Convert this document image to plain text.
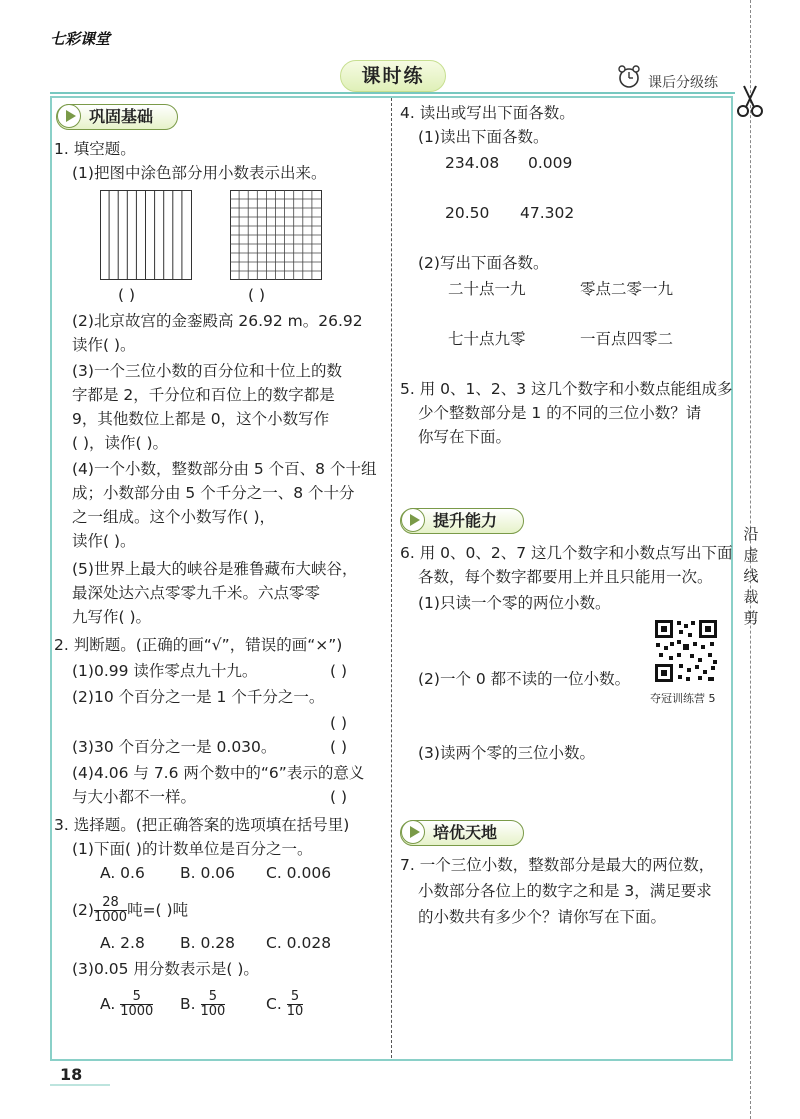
七彩课堂
课时练	课后分级练
沿虚线裁剪
巩固基础
1. 填空题。
(1)把图中涂色部分用小数表示出来。
( )	( )
(2)北京故宫的金銮殿高 26.92 m。26.92
读作( )。
(3)一个三位小数的百分位和十位上的数
字都是 2，千分位和百位上的数字都是
9，其他数位上都是 0，这个小数写作
( )，读作( )。
(4)一个小数，整数部分由 5 个百、8 个十组
成；小数部分由 5 个千分之一、8 个十分
之一组成。这个小数写作( )，
读作( )。
(5)世界上最大的峡谷是雅鲁藏布大峡谷，
最深处达六点零零九千米。六点零零
九写作( )。
2. 判断题。(正确的画“√”，错误的画“×”)
(1)0.99 读作零点九十九。	( )
(2)10 个百分之一是 1 个千分之一。
( )
(3)30 个百分之一是 0.030。	( )
(4)4.06 与 7.6 两个数中的“6”表示的意义
与大小都不一样。	( )
3. 选择题。(把正确答案的选项填在括号里)
(1)下面( )的计数单位是百分之一。
A. 0.6 B. 0.06 C. 0.006
$(2) \frac{28}{1000}$ 吨=( )吨
A. 2.8 B. 0.28 C. 0.028
(3)0.05 用分数表示是( )。
A. $\frac{5}{1000} B$. $\frac{5}{100}$	C. $\frac{5}{10}$
4. 读出或写出下面各数。
(1)读出下面各数。
234.08 0.009
20.50 47.302
(2)写出下面各数。
二十点一九	零点二零一九
七十点九零	一百点四零二
5. 用 0、1、2、3 这几个数字和小数点能组成多
少个整数部分是 1 的不同的三位小数？请
你写在下面。
提升能力
6. 用 0、0、2、7 这几个数字和小数点写出下面
各数，每个数字都要用上并且只能用一次。
(1)只读一个零的两位小数。
夺冠训练营 5
(2)一个 0 都不读的一位小数。
(3)读两个零的三位小数。
培优天地
7. 一个三位小数，整数部分是最大的两位数，
小数部分各位上的数字之和是 3，满足要求
的小数共有多少个？请你写在下面。
18
